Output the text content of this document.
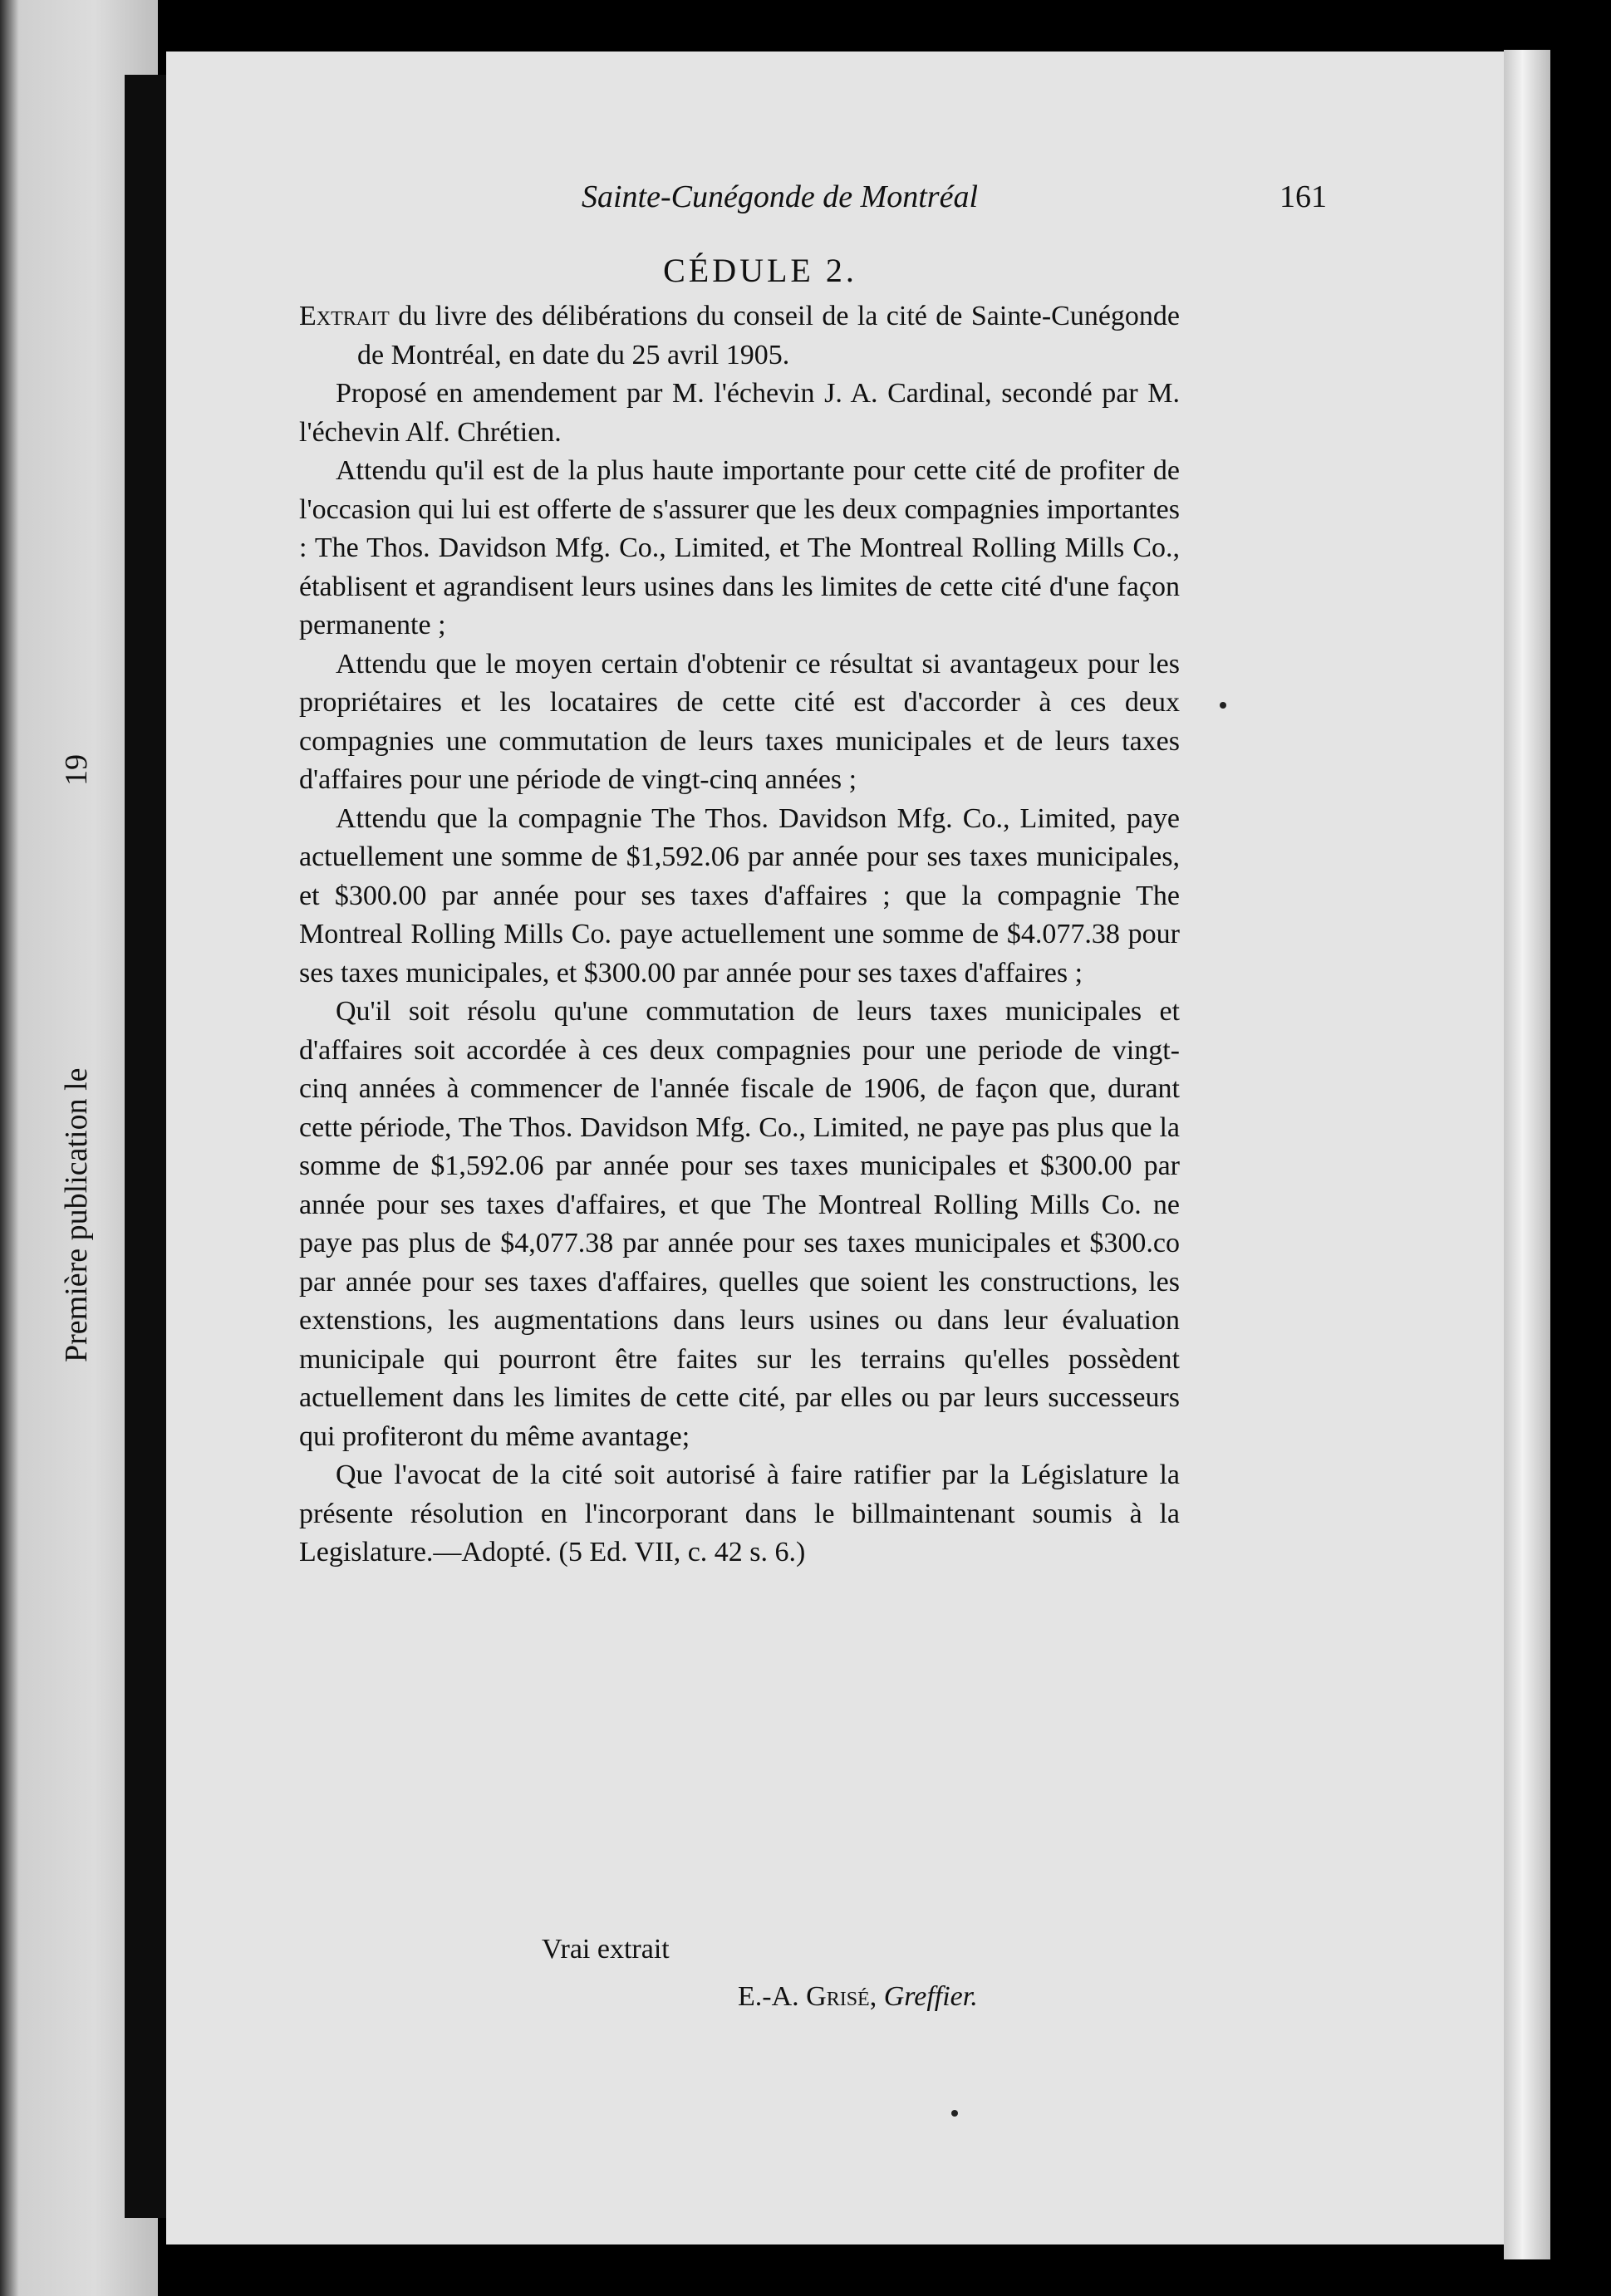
Première publication le 19
Sainte-Cunégonde de Montréal	161
CÉDULE 2.

Extrait du livre des délibérations du conseil de la cité de Sainte-Cunégonde de Montréal, en date du 25 avril 1905.

Proposé en amendement par M. l'échevin J. A. Cardinal, secondé par M. l'échevin Alf. Chrétien.

Attendu qu'il est de la plus haute importante pour cette cité de profiter de l'occasion qui lui est offerte de s'assurer que les deux compagnies importantes : The Thos. Davidson Mfg. Co., Limited, et The Montreal Rolling Mills Co., établisent et agrandisent leurs usines dans les limites de cette cité d'une façon permanente ;

Attendu que le moyen certain d'obtenir ce résultat si avantageux pour les propriétaires et les locataires de cette cité est d'accorder à ces deux compagnies une commutation de leurs taxes municipales et de leurs taxes d'affaires pour une période de vingt-cinq années ;

Attendu que la compagnie The Thos. Davidson Mfg. Co., Limited, paye actuellement une somme de $1,592.06 par année pour ses taxes municipales, et $300.00 par année pour ses taxes d'affaires ; que la compagnie The Montreal Rolling Mills Co. paye actuellement une somme de $4.077.38 pour ses taxes municipales, et $300.00 par année pour ses taxes d'affaires ;

Qu'il soit résolu qu'une commutation de leurs taxes municipales et d'affaires soit accordée à ces deux compagnies pour une periode de vingt-cinq années à commencer de l'année fiscale de 1906, de façon que, durant cette période, The Thos. Davidson Mfg. Co., Limited, ne paye pas plus que la somme de $1,592.06 par année pour ses taxes municipales et $300.00 par année pour ses taxes d'affaires, et que The Montreal Rolling Mills Co. ne paye pas plus de $4,077.38 par année pour ses taxes municipales et $300.co par année pour ses taxes d'affaires, quelles que soient les constructions, les extenstions, les augmentations dans leurs usines ou dans leur évaluation municipale qui pourront être faites sur les terrains qu'elles possèdent actuellement dans les limites de cette cité, par elles ou par leurs successeurs qui profiteront du même avantage;

Que l'avocat de la cité soit autorisé à faire ratifier par la Législature la présente résolution en l'incorporant dans le billmaintenant soumis à la Legislature.—Adopté. (5 Ed. VII, c. 42 s. 6.)

Vrai extrait
E.-A. Grisé, Greffier.
